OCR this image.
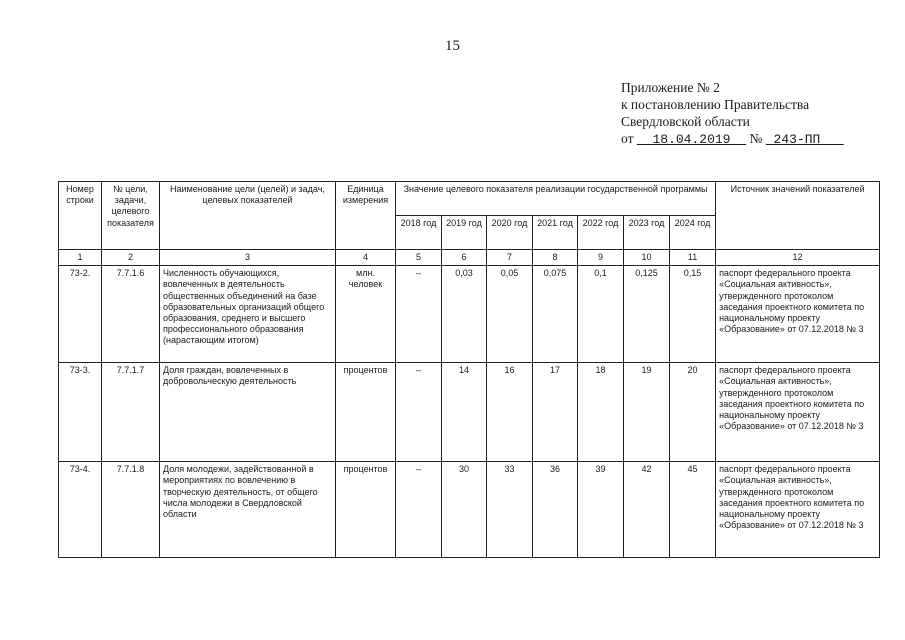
15
Приложение № 2
к постановлению Правительства
Свердловской области
от 18.04.2019 № 243-ПП
Номер строки	№ цели, задачи, целевого показателя	Наименование цели (целей) и задач, целевых показателей	Единица измерения	Значение целевого показателя реализации государственной программы							Источник значений показателей
				2018 год	2019 год	2020 год	2021 год	2022 год	2023 год	2024 год	
1	2	3	4	5	6	7	8	9	10	11	12
73-2.	7.7.1.6	Численность обучающихся, вовлеченных в деятельность общественных объединений на базе образовательных организаций общего образования, среднего и высшего профессионального образования (нарастающим итогом)	млн. человек	–	0,03	0,05	0,075	0,1	0,125	0,15	паспорт федерального проекта «Социальная активность», утвержденного протоколом заседания проектного комитета по национальному проекту «Образование» от 07.12.2018 № 3
73-3.	7.7.1.7	Доля граждан, вовлеченных в добровольческую деятельность	процентов	–	14	16	17	18	19	20	паспорт федерального проекта «Социальная активность», утвержденного протоколом заседания проектного комитета по национальному проекту «Образование» от 07.12.2018 № 3
73-4.	7.7.1.8	Доля молодежи, задействованной в мероприятиях по вовлечению в творческую деятельность, от общего числа молодежи в Свердловской области	процентов	–	30	33	36	39	42	45	паспорт федерального проекта «Социальная активность», утвержденного протоколом заседания проектного комитета по национальному проекту «Образование» от 07.12.2018 № 3
